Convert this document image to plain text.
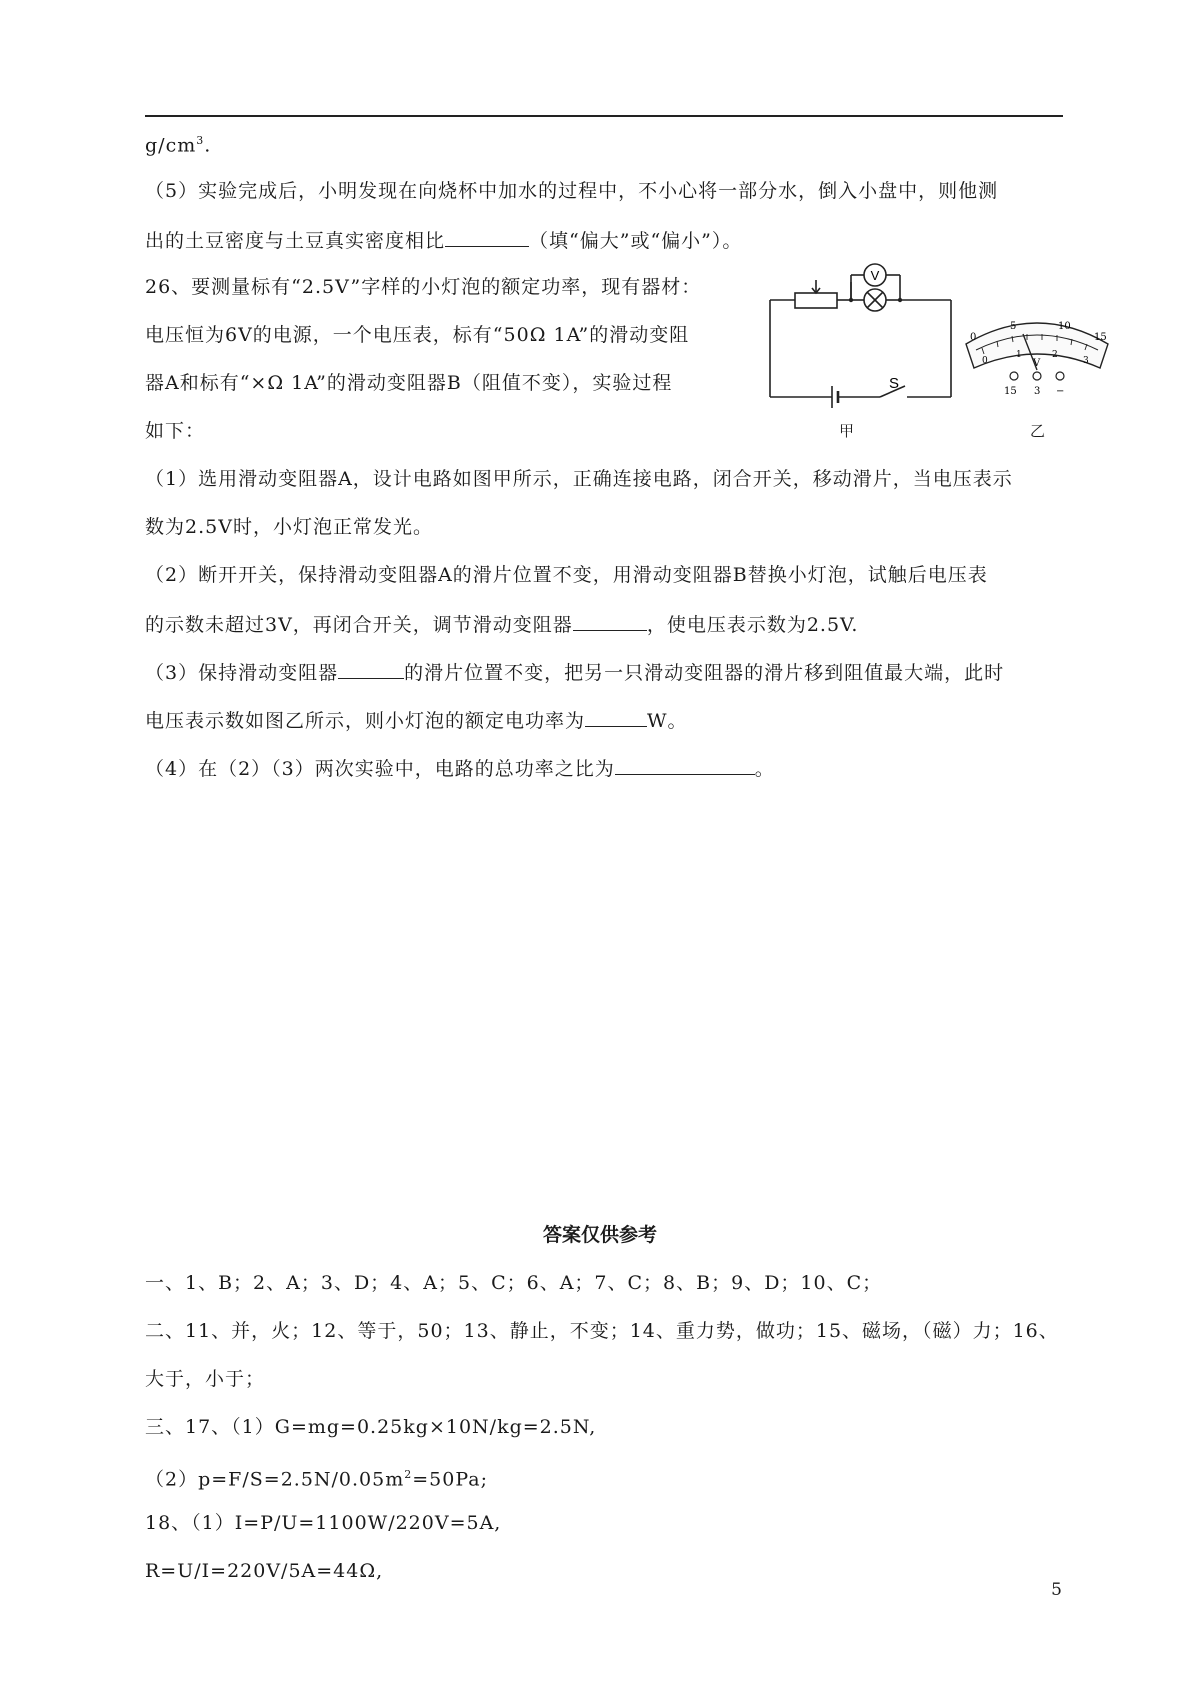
$g/cm^3$.
（5）实验完成后，小明发现在向烧杯中加水的过程中，不小心将一部分水，倒入小盘中，则他测
出的土豆密度与土豆真实密度相比	（填“偏大”或“偏小”）。
26、要测量标有“2.5V”字样的小灯泡的额定功率，现有器材：
电压恒为6V的电源，一个电压表，标有“50Ω 1A”的滑动变阻
器A和标有“×Ω 1A”的滑动变阻器B（阻值不变），实验过程
如下：
V
S
甲
0
5	10
15
0
1	2
3
V
15 3 −
乙
（1）选用滑动变阻器A，设计电路如图甲所示，正确连接电路，闭合开关，移动滑片，当电压表示
数为2.5V时，小灯泡正常发光。
（2）断开开关，保持滑动变阻器A的滑片位置不变，用滑动变阻器B替换小灯泡，试触后电压表
的示数未超过3V，再闭合开关，调节滑动变阻器	，使电压表示数为2.5V.
（3）保持滑动变阻器	的滑片位置不变，把另一只滑动变阻器的滑片移到阻值最大端，此时
电压表示数如图乙所示，则小灯泡的额定电功率为	W。
（4）在（2）（3）两次实验中，电路的总功率之比为	。
答案仅供参考
一、1、B；2、A；3、D；4、A；5、C；6、A；7、C；8、B；9、D；10、C；
二、11、并，火；12、等于，50；13、静止，不变；14、重力势，做功；15、磁场，（磁）力；16、
大于，小于；
三、17、（1）G=mg=0.25kg×10N/kg=2.5N,
$(2)p=F/S=2.5N/0.05m^2=50Pa$;
18、（1）I=P/U=1100W/220V=5A,
R=U/I=220V/5A=44Ω,
5
